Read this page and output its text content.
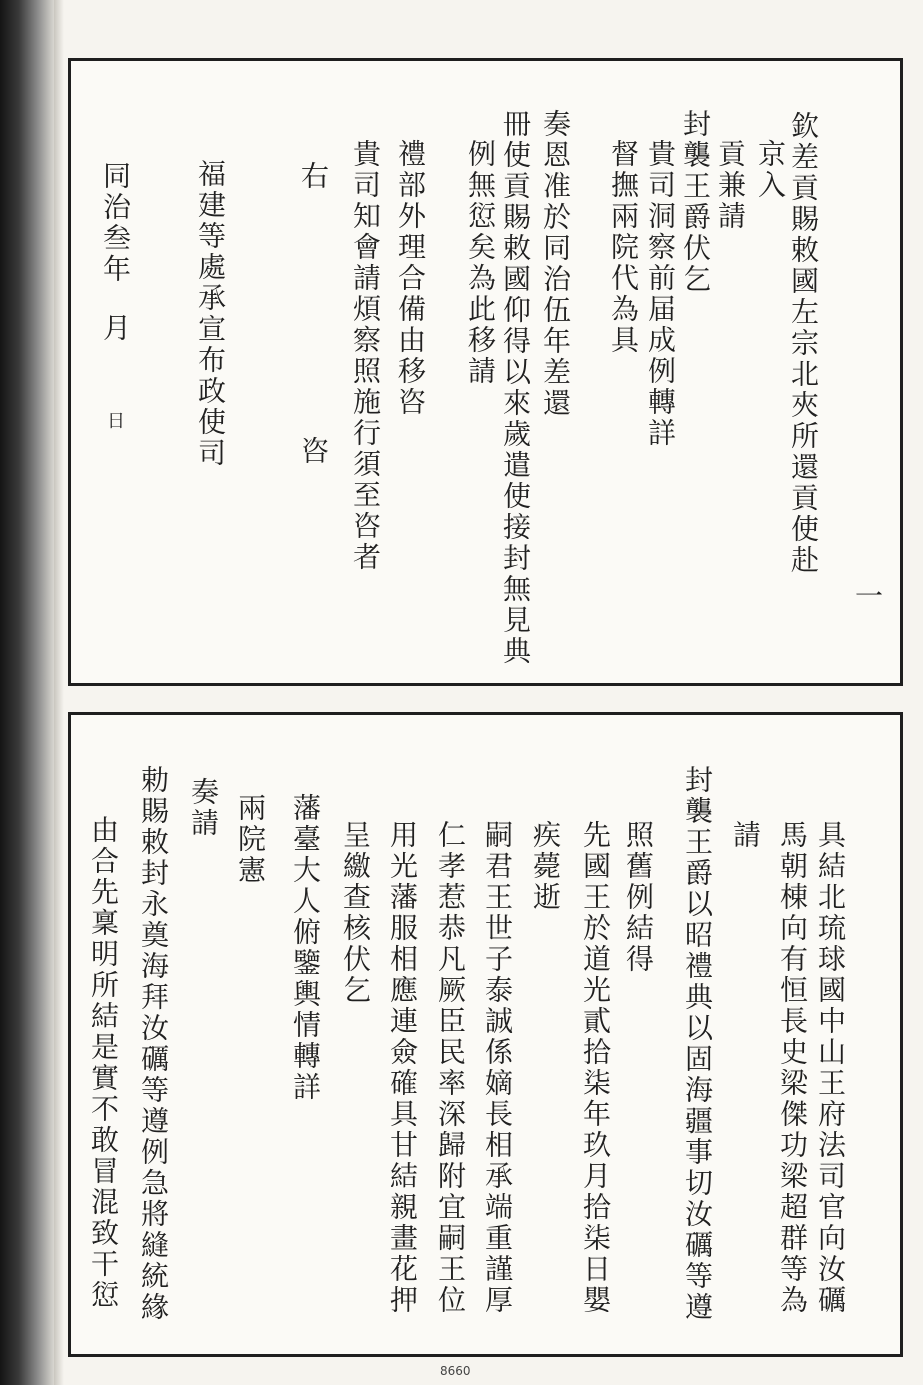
欽差貢賜敕國左宗北夾所還貢使赴
京入
貢兼請
封襲王爵伏乞
貴司洞察前届成例轉詳
督撫兩院代為具
奏恩准於同治伍年差還
冊使貢賜敕國仰得以來歲遣使接封無見典
例無愆矣為此移請
禮部外理合備由移咨
貴司知會請煩察照施行須至咨者
右
咨
福建等處承宣布政使司
同治叁年
月
日
一
具結北琉球國中山王府法司官向汝礪
馬朝棟向有恒長史梁傑功梁超群等為
請
封襲王爵以昭禮典以固海疆事切汝礪等遵
照舊例結得
先國王於道光貳拾柒年玖月拾柒日嬰
疾薨逝
嗣君王世子泰誠係嫡長相承端重謹厚
仁孝惹恭凡厥臣民率深歸附宜嗣王位
用光藩服相應連僉確具甘結親畫花押
呈繳查核伏乞
藩臺大人俯鑒輿情轉詳
兩院憲
奏請
勅賜敕封永奠海拜汝礪等遵例急將縫統緣
由合先稟明所結是實不敢冒混致干愆
8660
